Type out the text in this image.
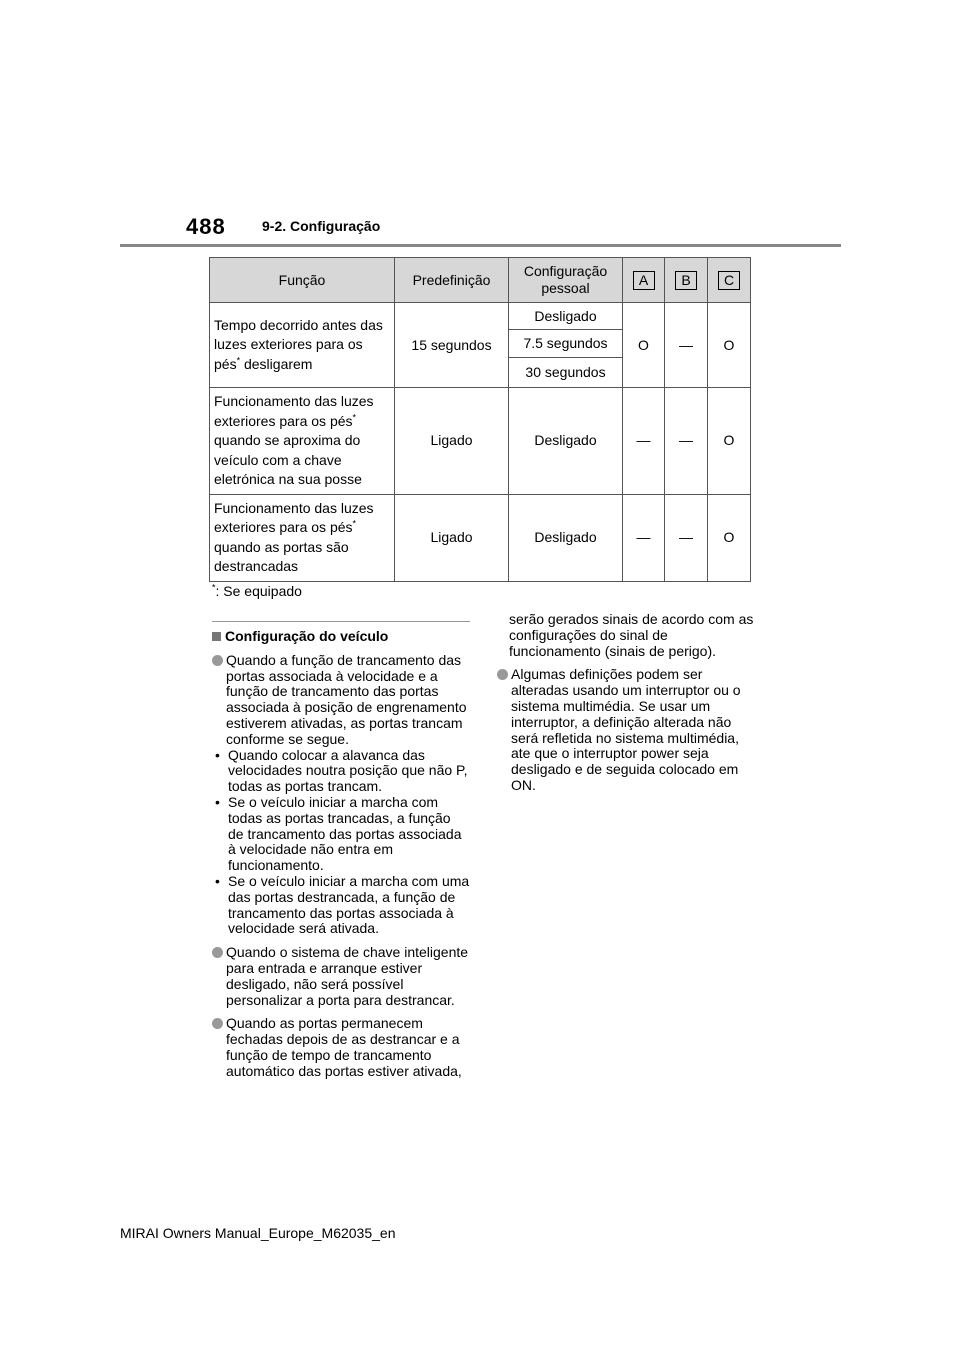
488	9-2. Configuração
Função	Predefinição	Configuração pessoal	A	B	C
Tempo decorrido antes das luzes exteriores para os pés* desligarem	15 segundos	Desligado	O	—	O
		7.5 segundos			
		30 segundos			
Funcionamento das luzes exteriores para os pés* quando se aproxima do veículo com a chave eletrónica na sua posse	Ligado	Desligado	—	—	O
Funcionamento das luzes exteriores para os pés* quando as portas são destrancadas	Ligado	Desligado	—	—	O
*: Se equipado
Configuração do veículo
Quando a função de trancamento das portas associada à velocidade e a função de trancamento das portas associada à posição de engrenamento estiverem ativadas, as portas trancam conforme se segue.
• Quando colocar a alavanca das velocidades noutra posição que não P, todas as portas trancam.
• Se o veículo iniciar a marcha com todas as portas trancadas, a função de trancamento das portas associada à velocidade não entra em funcionamento.
• Se o veículo iniciar a marcha com uma das portas destrancada, a função de trancamento das portas associada à velocidade será ativada.
Quando o sistema de chave inteligente para entrada e arranque estiver desligado, não será possível personalizar a porta para destrancar.
Quando as portas permanecem fechadas depois de as destrancar e a função de tempo de trancamento automático das portas estiver ativada,
serão gerados sinais de acordo com as configurações do sinal de funcionamento (sinais de perigo).
Algumas definições podem ser alteradas usando um interruptor ou o sistema multimédia. Se usar um interruptor, a definição alterada não será refletida no sistema multimédia, ate que o interruptor power seja desligado e de seguida colocado em ON.
MIRAI Owners Manual_Europe_M62035_en
